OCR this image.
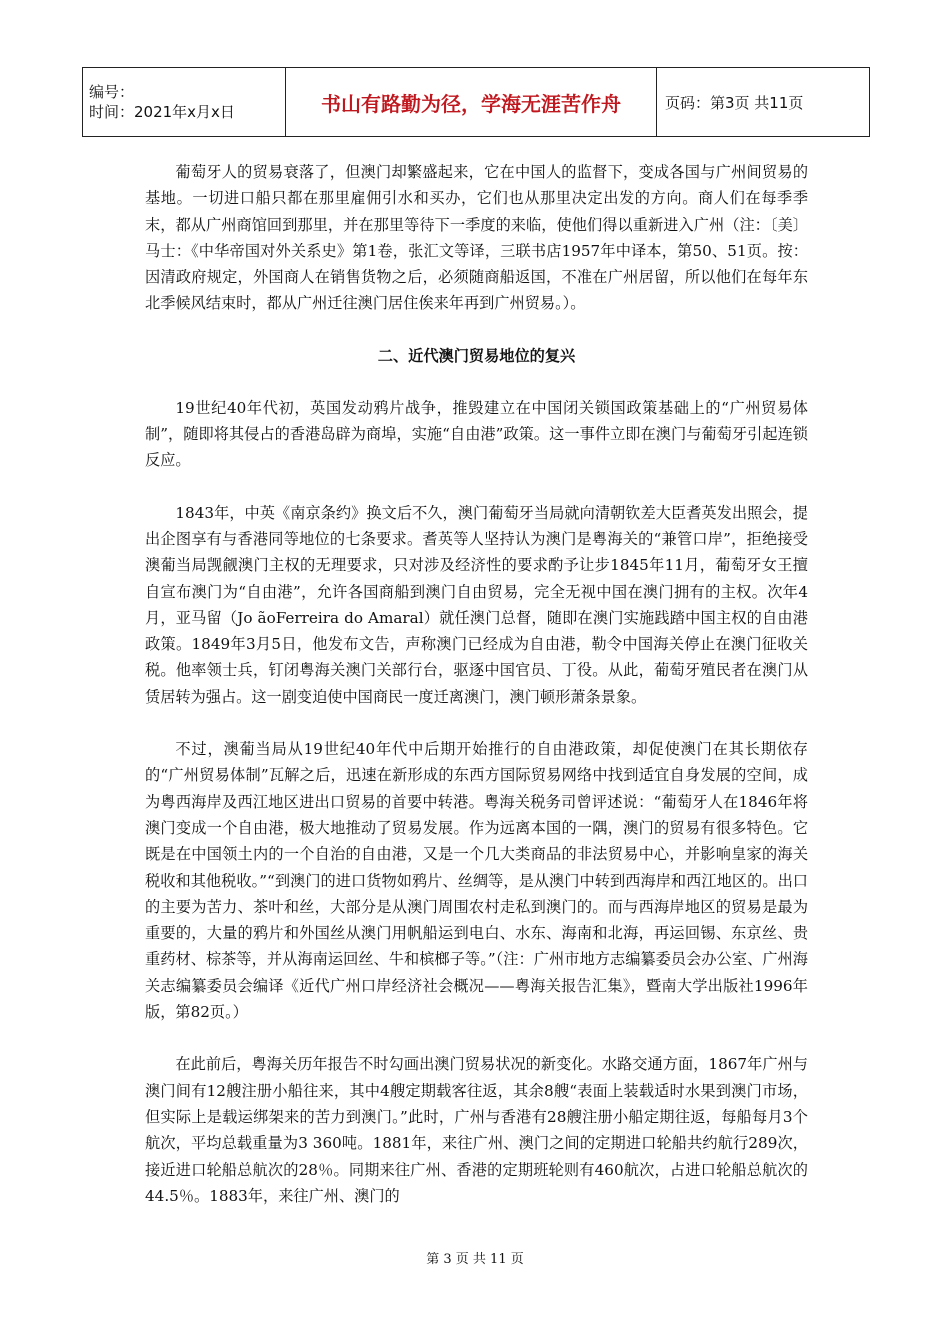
编号：
时间：2021年x月x日	书山有路勤为径，学海无涯苦作舟	页码：第3页 共11页

葡萄牙人的贸易衰落了，但澳门却繁盛起来，它在中国人的监督下，变成各国与广州间贸易的基地。一切进口船只都在那里雇佣引水和买办，它们也从那里决定出发的方向。商人们在每季季末，都从广州商馆回到那里，并在那里等待下一季度的来临，使他们得以重新进入广州（注：〔美〕马士：《中华帝国对外关系史》第1卷，张汇文等译，三联书店1957年中译本，第50、51页。按：因清政府规定，外国商人在销售货物之后，必须随商船返国，不准在广州居留，所以他们在每年东北季候风结束时，都从广州迁往澳门居住俟来年再到广州贸易。）。

二、近代澳门贸易地位的复兴

19世纪40年代初，英国发动鸦片战争，推毁建立在中国闭关锁国政策基础上的“广州贸易体制”，随即将其侵占的香港岛辟为商埠，实施“自由港”政策。这一事件立即在澳门与葡萄牙引起连锁反应。

1843年，中英《南京条约》换文后不久，澳门葡萄牙当局就向清朝钦差大臣耆英发出照会，提出企图享有与香港同等地位的七条要求。耆英等人坚持认为澳门是粤海关的“兼管口岸”，拒绝接受澳葡当局觊觎澳门主权的无理要求，只对涉及经济性的要求酌予让步1845年11月，葡萄牙女王擅自宣布澳门为“自由港”，允许各国商船到澳门自由贸易，完全无视中国在澳门拥有的主权。次年4月，亚马留（Jo ãoFerreira do Amaral）就任澳门总督，随即在澳门实施践踏中国主权的自由港政策。1849年3月5日，他发布文告，声称澳门已经成为自由港，勒令中国海关停止在澳门征收关税。他率领士兵，钉闭粤海关澳门关部行台，驱逐中国官员、丁役。从此，葡萄牙殖民者在澳门从赁居转为强占。这一剧变迫使中国商民一度迁离澳门，澳门顿形萧条景象。

不过，澳葡当局从19世纪40年代中后期开始推行的自由港政策，却促使澳门在其长期依存的“广州贸易体制”瓦解之后，迅速在新形成的东西方国际贸易网络中找到适宜自身发展的空间，成为粤西海岸及西江地区进出口贸易的首要中转港。粤海关税务司曾评述说：“葡萄牙人在1846年将澳门变成一个自由港，极大地推动了贸易发展。作为远离本国的一隅，澳门的贸易有很多特色。它既是在中国领土内的一个自治的自由港，又是一个几大类商品的非法贸易中心，并影响皇家的海关税收和其他税收。”“到澳门的进口货物如鸦片、丝绸等，是从澳门中转到西海岸和西江地区的。出口的主要为苦力、茶叶和丝，大部分是从澳门周围农村走私到澳门的。而与西海岸地区的贸易是最为重要的，大量的鸦片和外国丝从澳门用帆船运到电白、水东、海南和北海，再运回锡、东京丝、贵重药材、棕茶等，并从海南运回丝、牛和槟榔子等。”（注：广州市地方志编纂委员会办公室、广州海关志编纂委员会编译《近代广州口岸经济社会概况——粤海关报告汇集》，暨南大学出版社1996年版，第82页。）

在此前后，粤海关历年报告不时勾画出澳门贸易状况的新变化。水路交通方面，1867年广州与澳门间有12艘注册小船往来，其中4艘定期载客往返，其余8艘“表面上装载适时水果到澳门市场， 但实际上是载运绑架来的苦力到澳门。”此时，广州与香港有28艘注册小船定期往返，每船每月3个航次，平均总载重量为3 360吨。1881年，来往广州、澳门之间的定期进口轮船共约航行289次，接近进口轮船总航次的28％。同期来往广州、香港的定期班轮则有460航次，占进口轮船总航次的44.5％。1883年，来往广州、澳门的

第 3 页 共 11 页
